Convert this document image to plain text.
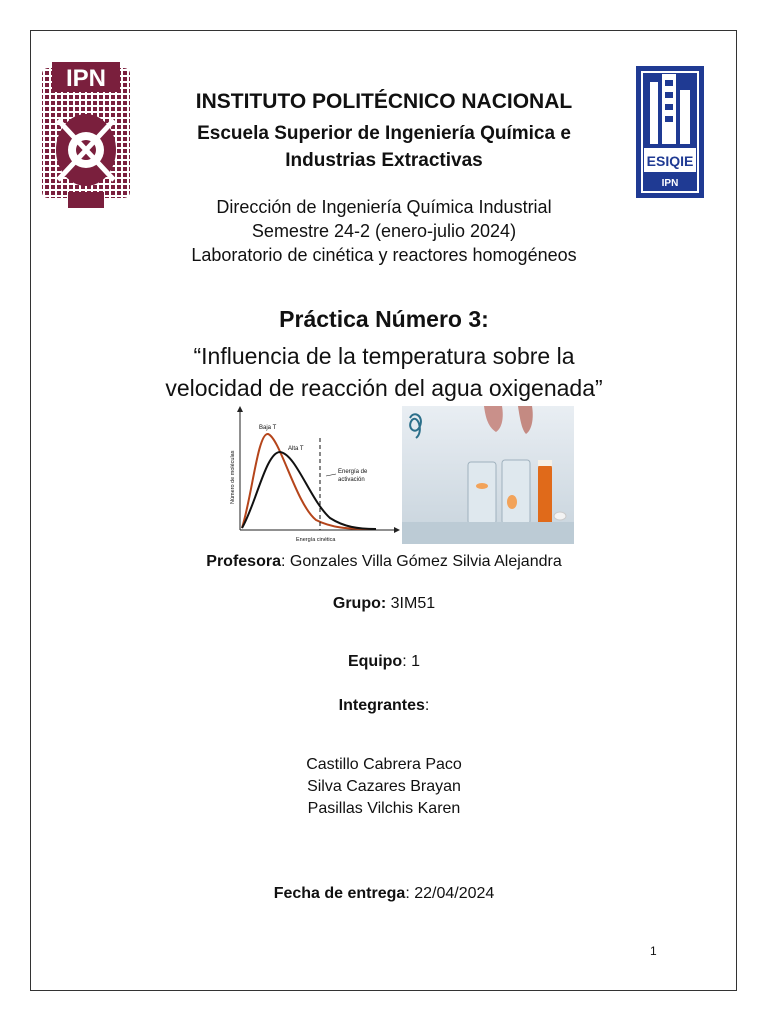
IPN
ESIQIE
IPN
INSTITUTO POLITÉCNICO NACIONAL
Escuela Superior de Ingeniería Química e
Industrias Extractivas
Dirección de Ingeniería Química Industrial
Semestre 24-2 (enero-julio 2024)
Laboratorio de cinética y reactores homogéneos
Práctica Número 3:
“Influencia de la temperatura sobre la
velocidad de reacción del agua oxigenada”
Baja T
Alta T
Energía de
activación
Número de moléculas
Energía cinética
Profesora: Gonzales Villa Gómez Silvia Alejandra
Grupo: 3IM51
Equipo: 1
Integrantes:
Castillo Cabrera Paco
Silva Cazares Brayan
Pasillas Vilchis Karen
Fecha de entrega: 22/04/2024
1
